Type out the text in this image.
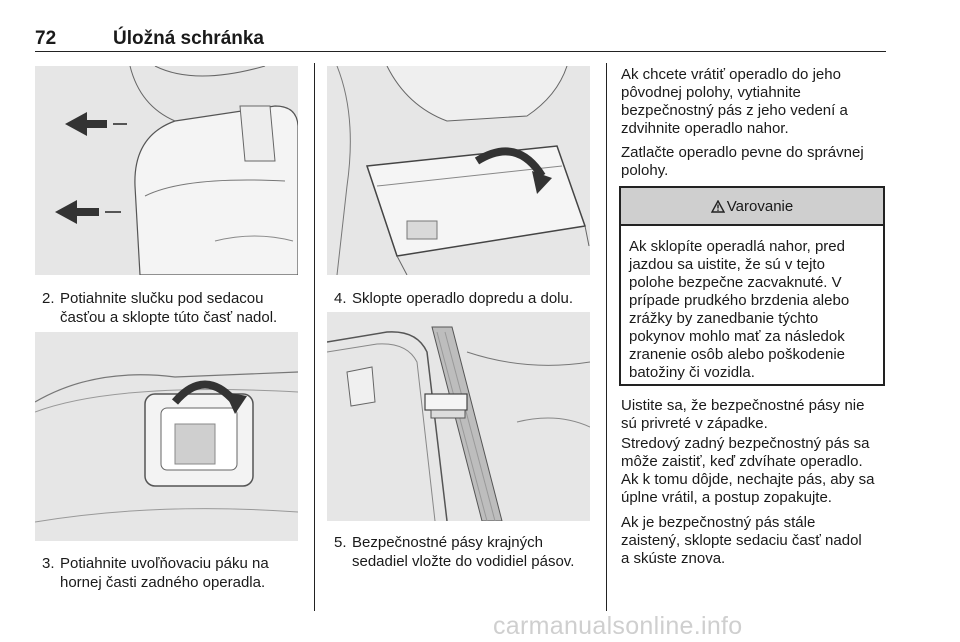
72	Úložná schránka
2. Potiahnite slučku pod sedacou
časťou a sklopte túto časť nadol.
3. Potiahnite uvoľňovaciu páku na
hornej časti zadného operadla.
4. Sklopte operadlo dopredu a dolu.
5. Bezpečnostné pásy krajných
sedadiel vložte do vodidiel pásov.
Ak chcete vrátiť operadlo do jeho
pôvodnej polohy, vytiahnite
bezpečnostný pás z jeho vedení a
zdvihnite operadlo nahor.
Zatlačte operadlo pevne do správnej
polohy.
Varovanie
Ak sklopíte operadlá nahor, pred
jazdou sa uistite, že sú v tejto
polohe bezpečne zacvaknuté. V
prípade prudkého brzdenia alebo
zrážky by zanedbanie týchto
pokynov mohlo mať za následok
zranenie osôb alebo poškodenie
batožiny či vozidla.
Uistite sa, že bezpečnostné pásy nie
sú privreté v západke.
Stredový zadný bezpečnostný pás sa
môže zaistiť, keď zdvíhate operadlo.
Ak k tomu dôjde, nechajte pás, aby sa
úplne vrátil, a postup zopakujte.
Ak je bezpečnostný pás stále
zaistený, sklopte sedaciu časť nadol
a skúste znova.
carmanualsonline.info
